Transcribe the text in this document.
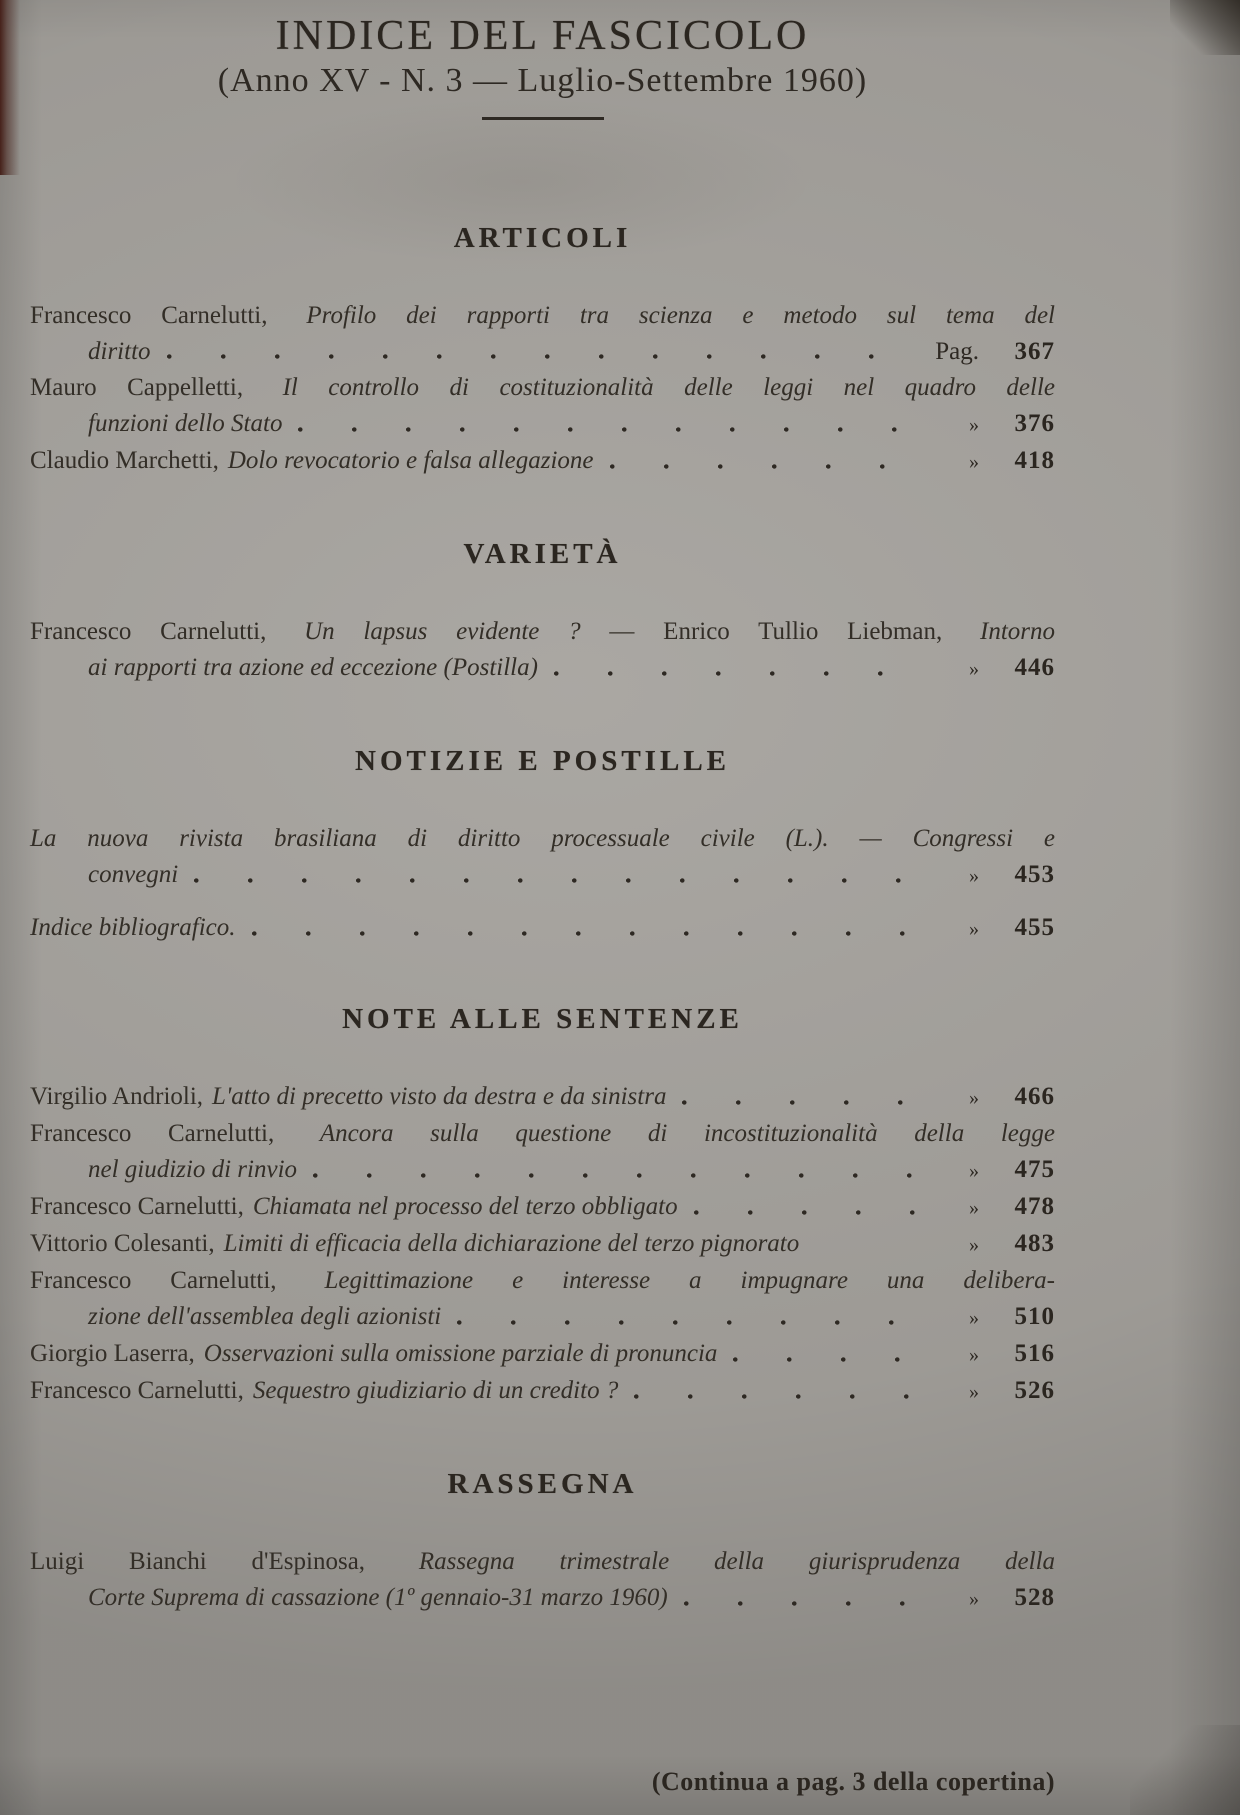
INDICE DEL FASCICOLO
(Anno XV - N. 3 — Luglio-Settembre 1960)
ARTICOLI
Francesco Carnelutti, Profilo dei rapporti tra scienza e metodo sul tema del
diritto	Pag.	367
Mauro Cappelletti, Il controllo di costituzionalità delle leggi nel quadro delle
funzioni dello Stato	»	376
Claudio Marchetti, Dolo revocatorio e falsa allegazione	»	418
VARIETÀ
Francesco Carnelutti, Un lapsus evidente ? — Enrico Tullio Liebman, Intorno
ai rapporti tra azione ed eccezione (Postilla)	»	446
NOTIZIE E POSTILLE
La nuova rivista brasiliana di diritto processuale civile (L.). — Congressi e
convegni	»	453
Indice bibliografico.	»	455
NOTE ALLE SENTENZE
Virgilio Andrioli, L'atto di precetto visto da destra e da sinistra	»	466
Francesco Carnelutti, Ancora sulla questione di incostituzionalità della legge
nel giudizio di rinvio	»	475
Francesco Carnelutti, Chiamata nel processo del terzo obbligato	»	478
Vittorio Colesanti, Limiti di efficacia della dichiarazione del terzo pignorato	»	483
Francesco Carnelutti, Legittimazione e interesse a impugnare una delibera-
zione dell'assemblea degli azionisti	»	510
Giorgio Laserra, Osservazioni sulla omissione parziale di pronuncia	»	516
Francesco Carnelutti, Sequestro giudiziario di un credito ?	»	526
RASSEGNA
Luigi Bianchi d'Espinosa, Rassegna trimestrale della giurisprudenza della
Corte Suprema di cassazione (1º gennaio-31 marzo 1960)	»	528
(Continua a pag. 3 della copertina)
